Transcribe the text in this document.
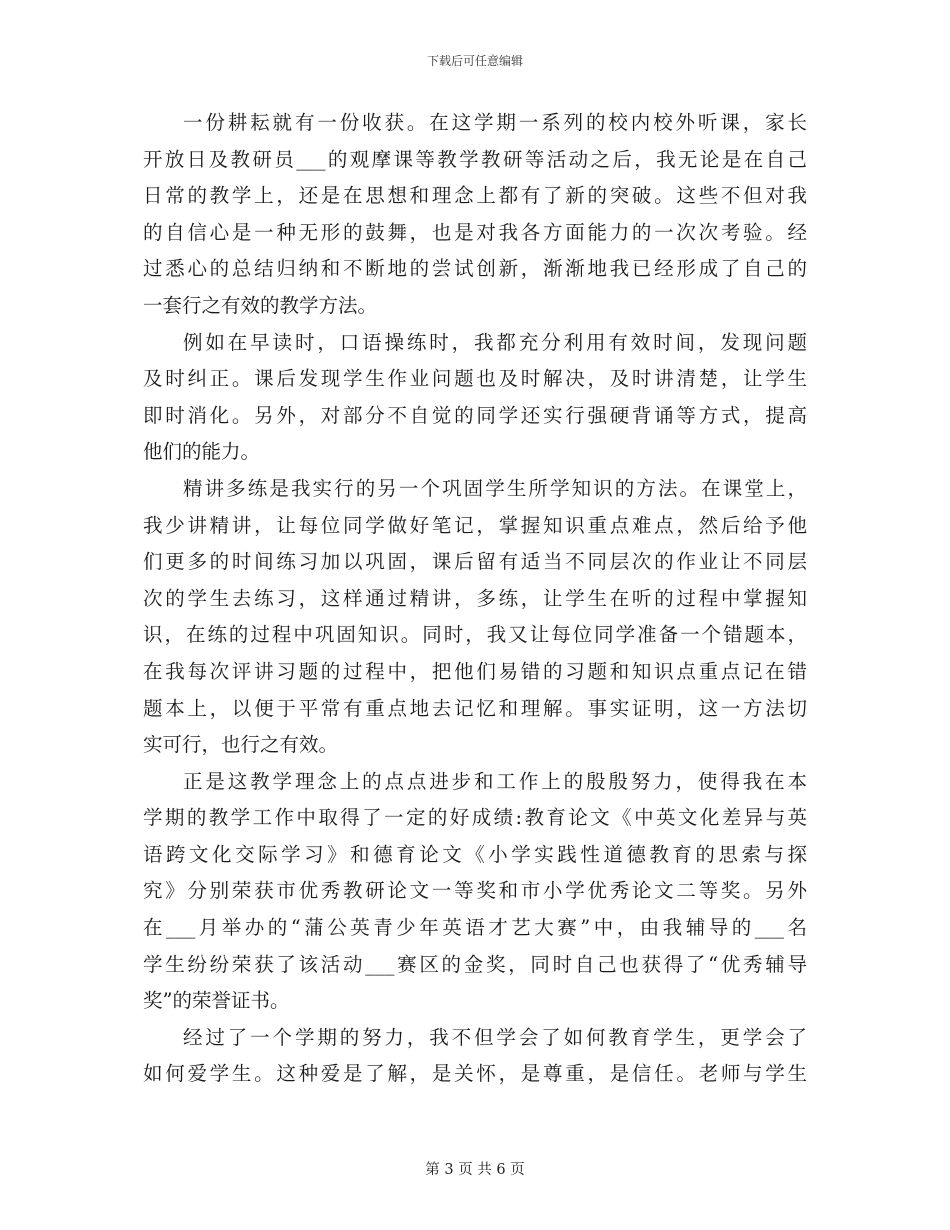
下载后可任意编辑
一份耕耘就有一份收获。在这学期一系列的校内校外听课，家长
开放日及教研员___的观摩课等教学教研等活动之后，我无论是在自己
日常的教学上，还是在思想和理念上都有了新的突破。这些不但对我
的自信心是一种无形的鼓舞，也是对我各方面能力的一次次考验。经
过悉心的总结归纳和不断地的尝试创新，渐渐地我已经形成了自己的
一套行之有效的教学方法。
例如在早读时，口语操练时，我都充分利用有效时间，发现问题
及时纠正。课后发现学生作业问题也及时解决，及时讲清楚，让学生
即时消化。另外，对部分不自觉的同学还实行强硬背诵等方式，提高
他们的能力。
精讲多练是我实行的另一个巩固学生所学知识的方法。在课堂上，
我少讲精讲，让每位同学做好笔记，掌握知识重点难点，然后给予他
们更多的时间练习加以巩固，课后留有适当不同层次的作业让不同层
次的学生去练习，这样通过精讲，多练，让学生在听的过程中掌握知
识，在练的过程中巩固知识。同时，我又让每位同学准备一个错题本，
在我每次评讲习题的过程中，把他们易错的习题和知识点重点记在错
题本上，以便于平常有重点地去记忆和理解。事实证明，这一方法切
实可行，也行之有效。
正是这教学理念上的点点进步和工作上的殷殷努力，使得我在本
学期的教学工作中取得了一定的好成绩:教育论文《中英文化差异与英
语跨文化交际学习》和德育论文《小学实践性道德教育的思索与探
究》分别荣获市优秀教研论文一等奖和市小学优秀论文二等奖。另外
在___月举办的“蒲公英青少年英语才艺大赛”中，由我辅导的___名
学生纷纷荣获了该活动___赛区的金奖，同时自己也获得了“优秀辅导
奖”的荣誉证书。
经过了一个学期的努力，我不但学会了如何教育学生，更学会了
如何爱学生。这种爱是了解，是关怀，是尊重，是信任。老师与学生
第 3 页 共 6 页
